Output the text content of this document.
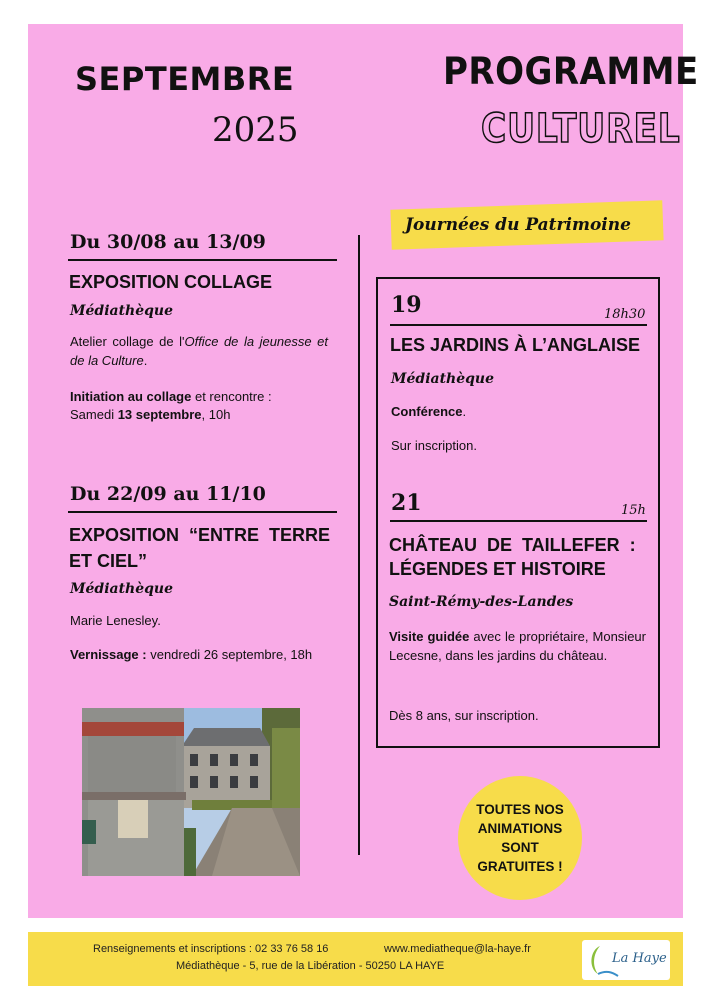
SEPTEMBRE
2025
PROGRAMME
CULTUREL
Du 30/08 au 13/09
EXPOSITION COLLAGE
Médiathèque
Atelier collage de l'Office de la jeunesse et de la Culture.
Initiation au collage et rencontre :
Samedi 13 septembre, 10h
Du 22/09 au 11/10
EXPOSITION  “ENTRE  TERRE
ET CIEL”
Médiathèque
Marie Lenesley.
Vernissage : vendredi 26 septembre, 18h
Journées du Patrimoine
19	18h30
LES JARDINS À L’ANGLAISE
Médiathèque
Conférence.
Sur inscription.
21	15h
CHÂTEAU  DE  TAILLEFER  :
LÉGENDES ET HISTOIRE
Saint-Rémy-des-Landes
Visite guidée avec le propriétaire, Monsieur Lecesne, dans les jardins du château.
Dès 8 ans, sur inscription.
TOUTES NOS
ANIMATIONS
SONT
GRATUITES !
Renseignements et inscriptions : 02 33 76 58 16	www.mediatheque@la-haye.fr
Médiathèque - 5, rue de la Libération - 50250 LA HAYE	La Haye
